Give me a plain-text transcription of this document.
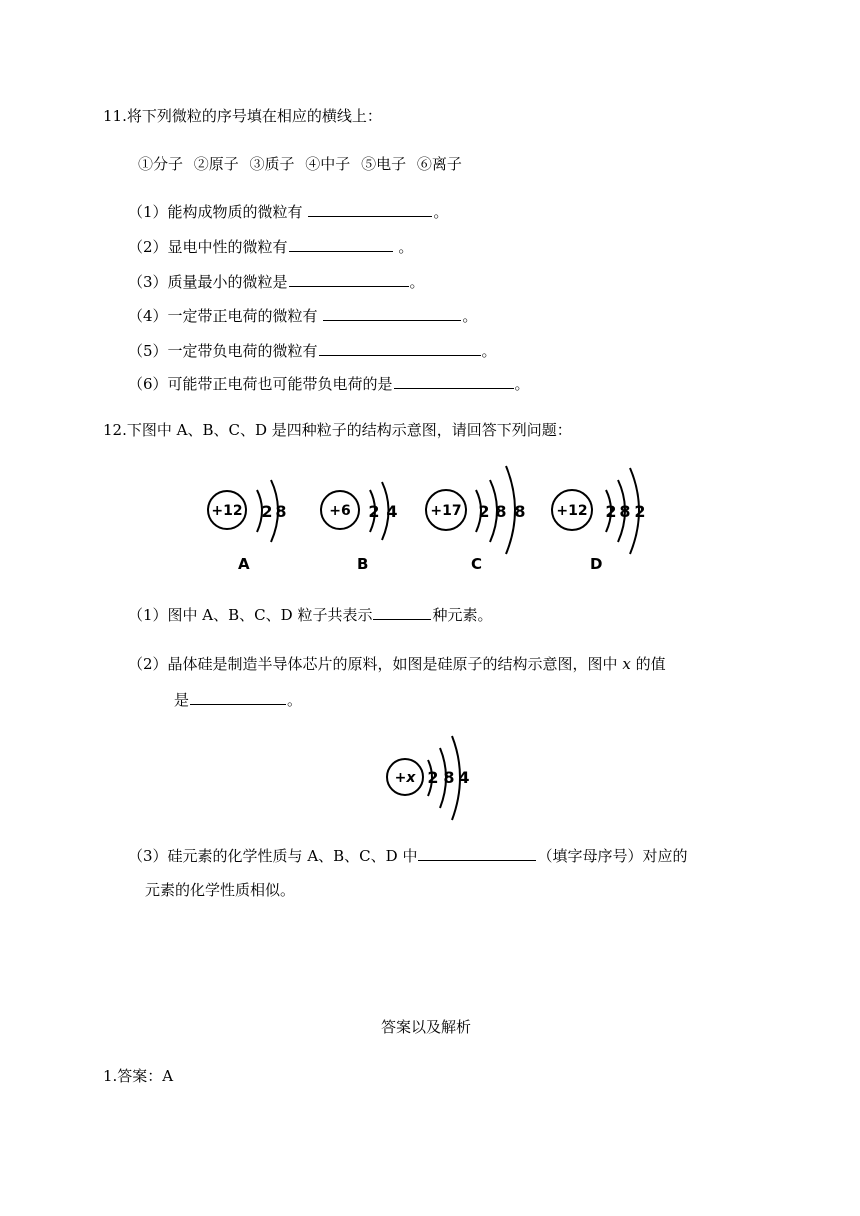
11.将下列微粒的序号填在相应的横线上：
①分子 ②原子 ③质子 ④中子 ⑤电子 ⑥离子
（1）能构成物质的微粒有	。
（2）显电中性的微粒有	。
（3）质量最小的微粒是	。
（4）一定带正电荷的微粒有	。
（5）一定带负电荷的微粒有	。
（6）可能带正电荷也可能带负电荷的是	。
12.下图中 A、B、C、D 是四种粒子的结构示意图，请回答下列问题：
+12 2 8
A
+6 2 4
B
+17 2 8 8
C
+12 2 8 2
D
（1）图中 A、B、C、D 粒子共表示	种元素。
（2）晶体硅是制造半导体芯片的原料，如图是硅原子的结构示意图，图中 x 的值
是	。
+x 2 8 4
（3）硅元素的化学性质与 A、B、C、D 中	（填字母序号）对应的
元素的化学性质相似。
答案以及解析
1.答案：A
